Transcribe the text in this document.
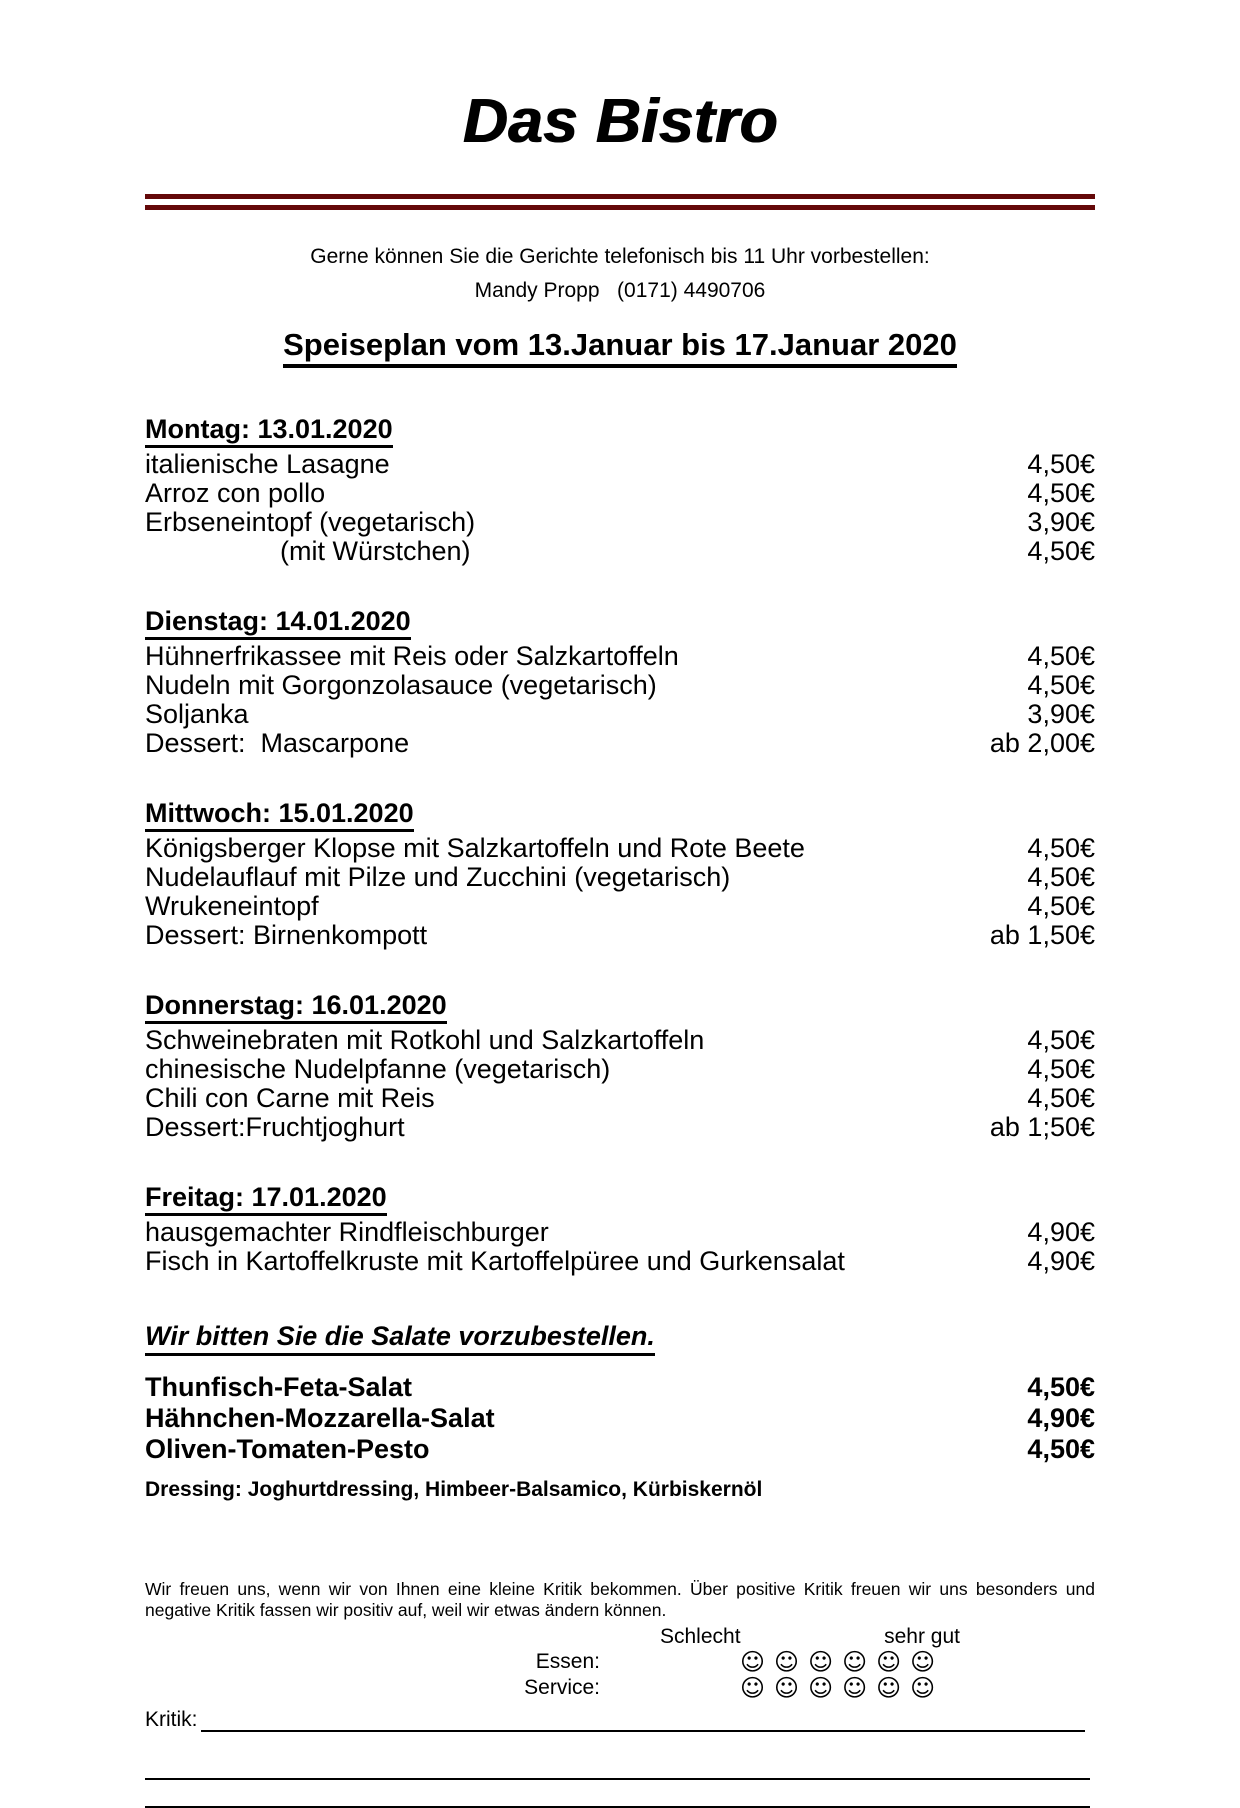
Das Bistro
Gerne können Sie die Gerichte telefonisch bis 11 Uhr vorbestellen:
Mandy Propp   (0171) 4490706
Speiseplan vom 13.Januar bis 17.Januar 2020
Montag: 13.01.2020
italienische Lasagne	4,50€
Arroz con pollo	4,50€
Erbseneintopf (vegetarisch)	3,90€
(mit Würstchen)	4,50€
Dienstag: 14.01.2020
Hühnerfrikassee mit Reis oder Salzkartoffeln	4,50€
Nudeln mit Gorgonzolasauce (vegetarisch)	4,50€
Soljanka	3,90€
Dessert:  Mascarpone	ab 2,00€
Mittwoch: 15.01.2020
Königsberger Klopse mit Salzkartoffeln und Rote Beete	4,50€
Nudelauflauf mit Pilze und Zucchini (vegetarisch)	4,50€
Wrukeneintopf	4,50€
Dessert: Birnenkompott	ab 1,50€
Donnerstag: 16.01.2020
Schweinebraten mit Rotkohl und Salzkartoffeln	4,50€
chinesische Nudelpfanne (vegetarisch)	4,50€
Chili con Carne mit Reis	4,50€
Dessert:Fruchtjoghurt	ab 1;50€
Freitag: 17.01.2020
hausgemachter Rindfleischburger	4,90€
Fisch in Kartoffelkruste mit Kartoffelpüree und Gurkensalat	4,90€
Wir bitten Sie die Salate vorzubestellen.
Thunfisch-Feta-Salat	4,50€
Hähnchen-Mozzarella-Salat	4,90€
Oliven-Tomaten-Pesto	4,50€
Dressing: Joghurtdressing, Himbeer-Balsamico, Kürbiskernöl

Wir freuen uns, wenn wir von Ihnen eine kleine Kritik bekommen. Über positive Kritik freuen wir uns besonders und negative Kritik fassen wir positiv auf, weil wir etwas ändern können.

Schlecht	sehr gut
Essen:	☺ ☺ ☺ ☺ ☺ ☺
Service:	☺ ☺ ☺ ☺ ☺ ☺
Kritik:
